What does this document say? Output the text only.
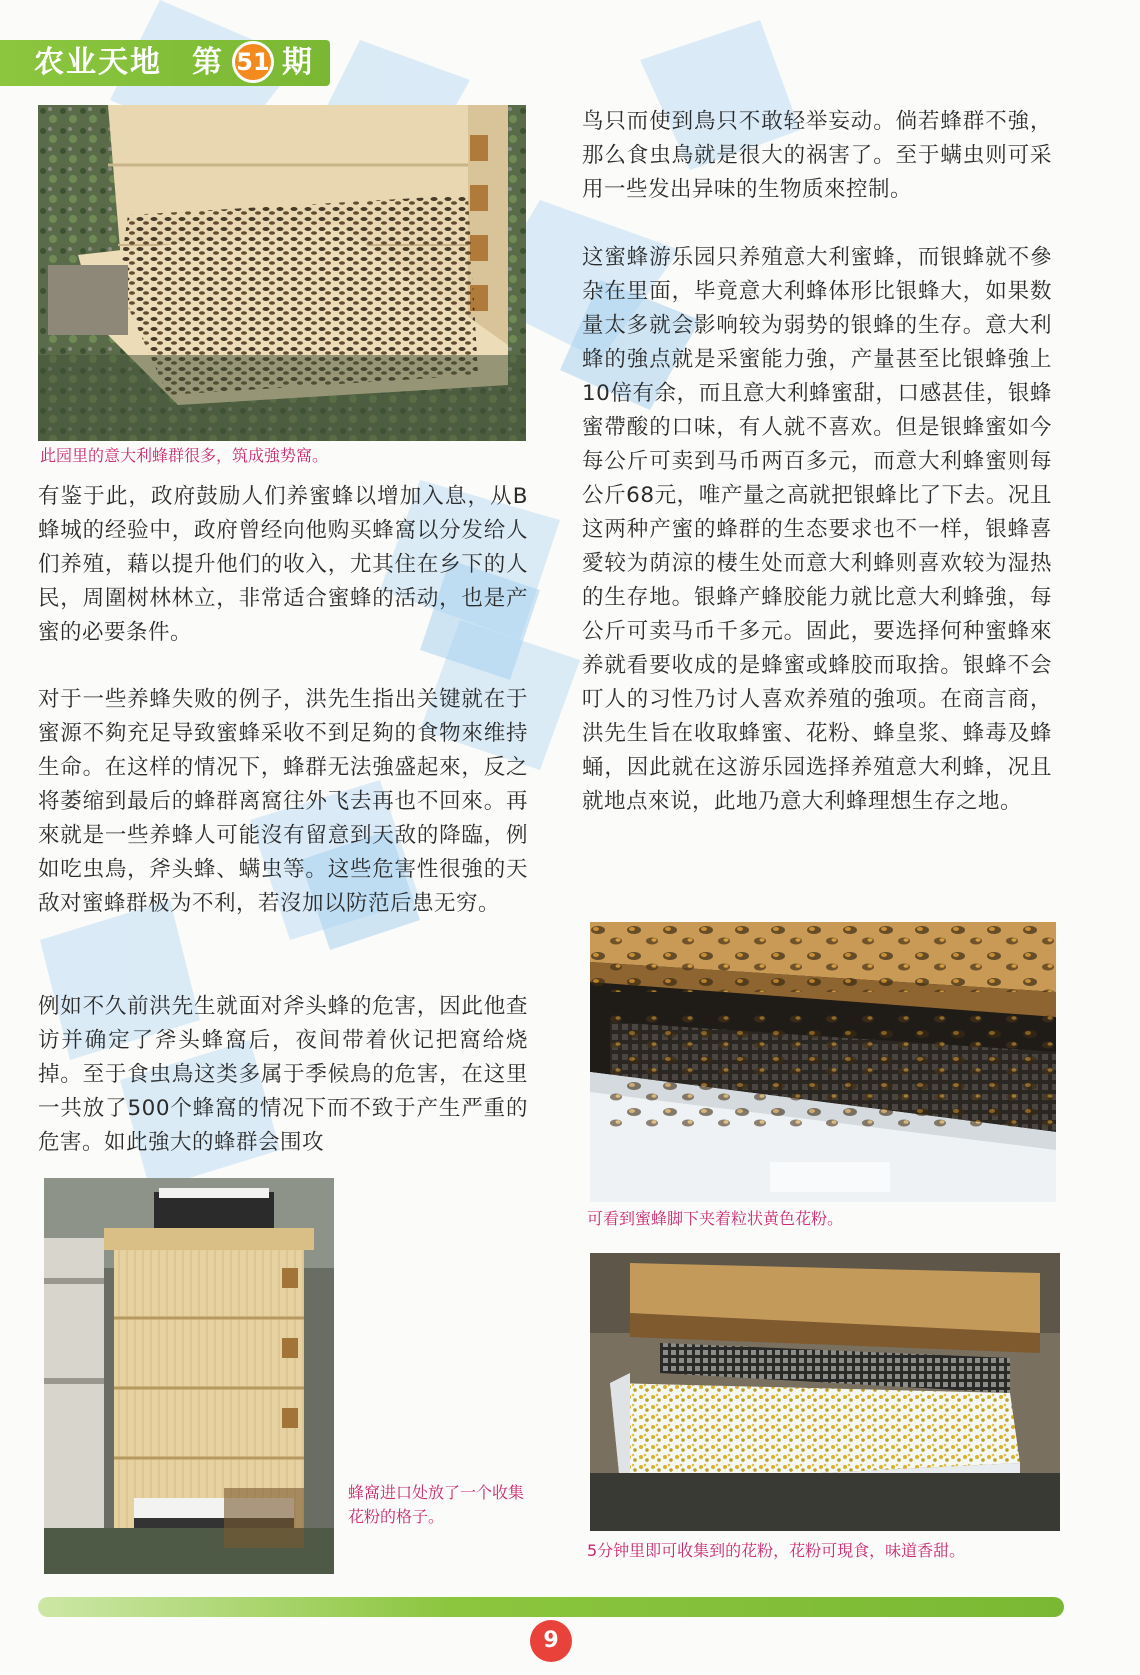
农业天地 第 51 期
此园里的意大利蜂群很多，筑成強势窩。
有鉴于此，政府鼓励人们养蜜蜂以增加入息，从B蜂城的经验中，政府曾经向他购买蜂窩以分发给人们养殖，藉以提升他们的收入，尤其住在乡下的人民，周圍树林林立，非常适合蜜蜂的活动，也是产蜜的必要条件。
对于一些养蜂失败的例子，洪先生指出关键就在于蜜源不夠充足导致蜜蜂采收不到足夠的食物來维持生命。在这样的情况下，蜂群无法強盛起來，反之将萎缩到最后的蜂群离窩往外飞去再也不回來。再來就是一些养蜂人可能沒有留意到天敌的降臨，例如吃虫鳥，斧头蜂、螨虫等。这些危害性很強的天敌对蜜蜂群极为不利，若沒加以防范后患无穷。
例如不久前洪先生就面对斧头蜂的危害，因此他查访并确定了斧头蜂窩后，夜间带着伙记把窩给烧掉。至于食虫鳥这类多属于季候鳥的危害，在这里一共放了500个蜂窩的情况下而不致于产生严重的危害。如此強大的蜂群会围攻
蜂窩进口处放了一个收集花粉的格子。
鸟只而使到鳥只不敢轻举妄动。倘若蜂群不強，那么食虫鳥就是很大的祸害了。至于螨虫则可采用一些发出异味的生物质來控制。
这蜜蜂游乐园只养殖意大利蜜蜂，而银蜂就不參杂在里面，毕竟意大利蜂体形比银蜂大，如果数量太多就会影响较为弱势的银蜂的生存。意大利蜂的強点就是采蜜能力強，产量甚至比银蜂強上10倍有余，而且意大利蜂蜜甜，口感甚佳，银蜂蜜帶酸的口味，有人就不喜欢。但是银蜂蜜如今每公斤可卖到马币两百多元，而意大利蜂蜜则每公斤68元，唯产量之高就把银蜂比了下去。况且这两种产蜜的蜂群的生态要求也不一样，银蜂喜愛较为荫涼的棲生处而意大利蜂则喜欢较为湿热的生存地。银蜂产蜂胶能力就比意大利蜂強，每公斤可卖马币千多元。固此，要选择何种蜜蜂來养就看要收成的是蜂蜜或蜂胶而取捨。银蜂不会叮人的习性乃讨人喜欢养殖的強项。在商言商，洪先生旨在收取蜂蜜、花粉、蜂皇浆、蜂毒及蜂蛹，因此就在这游乐园选择养殖意大利蜂，况且就地点來说，此地乃意大利蜂理想生存之地。
可看到蜜蜂脚下夹着粒状黄色花粉。
5分钟里即可收集到的花粉，花粉可現食，味道香甜。
9
